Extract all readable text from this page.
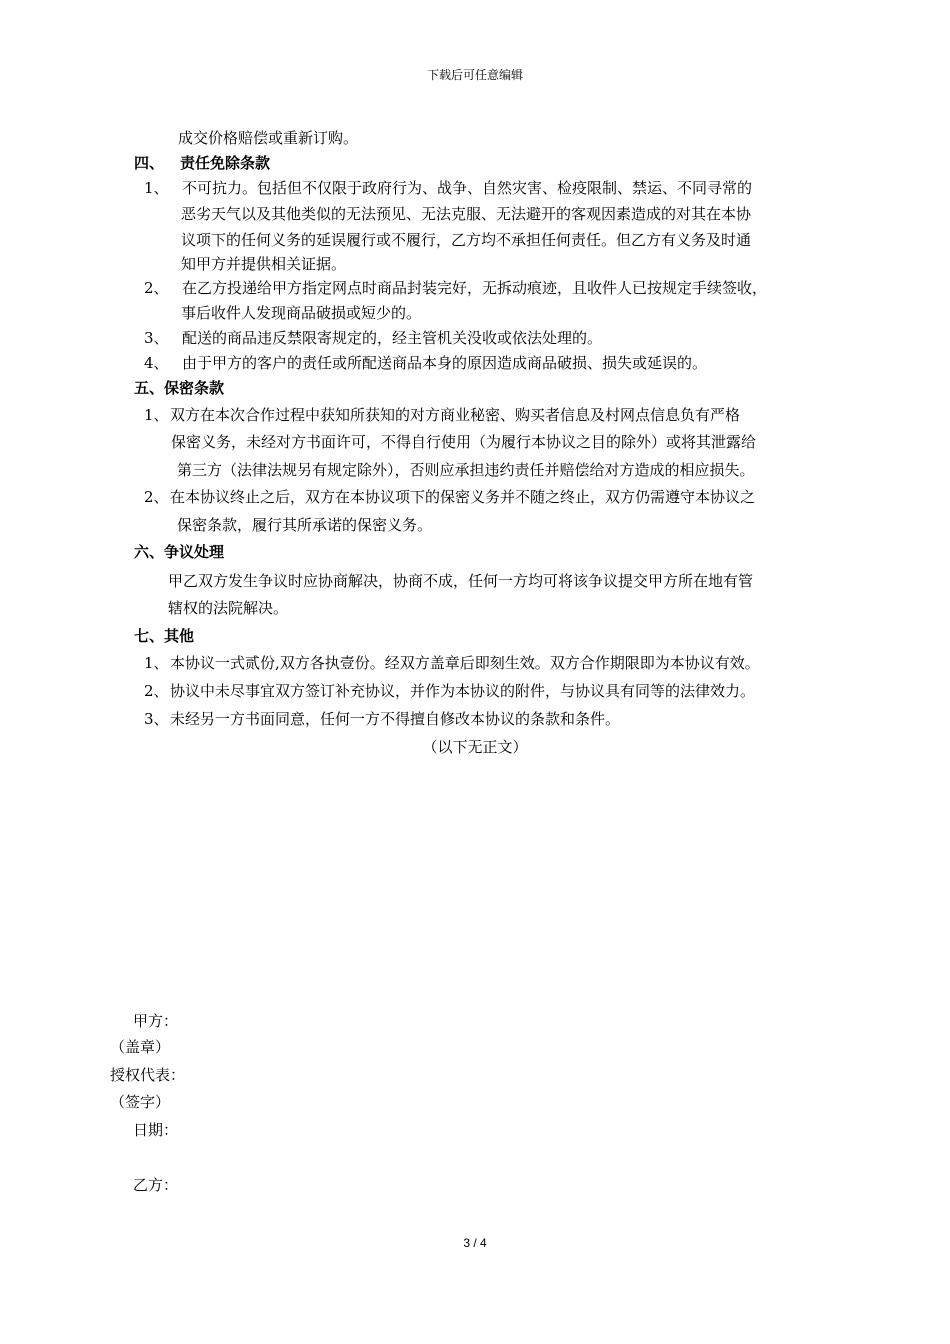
下载后可任意编辑
成交价格赔偿或重新订购。
四、 责任免除条款
1、 不可抗力。包括但不仅限于政府行为、战争、自然灾害、检疫限制、禁运、不同寻常的
恶劣天气以及其他类似的无法预见、无法克服、无法避开的客观因素造成的对其在本协
议项下的任何义务的延误履行或不履行，乙方均不承担任何责任。但乙方有义务及时通
知甲方并提供相关证据。
2、 在乙方投递给甲方指定网点时商品封装完好，无拆动痕迹，且收件人已按规定手续签收，
事后收件人发现商品破损或短少的。
3、 配送的商品违反禁限寄规定的，经主管机关没收或依法处理的。
4、 由于甲方的客户的责任或所配送商品本身的原因造成商品破损、损失或延误的。
五、保密条款
1、双方在本次合作过程中获知所获知的对方商业秘密、购买者信息及村网点信息负有严格
保密义务，未经对方书面许可，不得自行使用（为履行本协议之目的除外）或将其泄露给
第三方（法律法规另有规定除外），否则应承担违约责任并赔偿给对方造成的相应损失。
2、在本协议终止之后，双方在本协议项下的保密义务并不随之终止，双方仍需遵守本协议之
保密条款，履行其所承诺的保密义务。
六、争议处理
甲乙双方发生争议时应协商解决，协商不成，任何一方均可将该争议提交甲方所在地有管
辖权的法院解决。
七、其他
1、本协议一式贰份,双方各执壹份。经双方盖章后即刻生效。双方合作期限即为本协议有效。
2、协议中未尽事宜双方签订补充协议，并作为本协议的附件，与协议具有同等的法律效力。
3、未经另一方书面同意，任何一方不得擅自修改本协议的条款和条件。
（以下无正文）
甲方：
（盖章）
授权代表：
（签字）
日期：
乙方：
3 / 4
